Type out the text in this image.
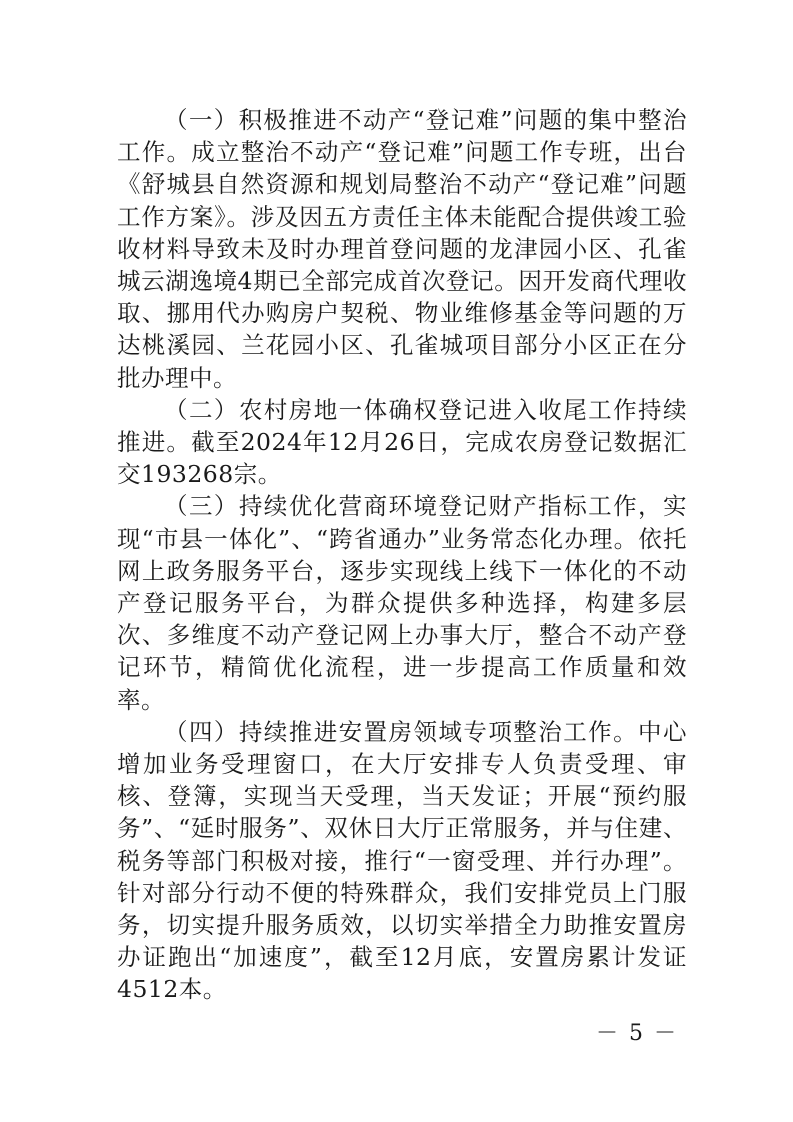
（一）积极推进不动产“登记难”问题的集中整治工作。成立整治不动产“登记难”问题工作专班，出台《舒城县自然资源和规划局整治不动产“登记难”问题工作方案》。涉及因五方责任主体未能配合提供竣工验收材料导致未及时办理首登问题的龙津园小区、孔雀城云湖逸境4期已全部完成首次登记。因开发商代理收取、挪用代办购房户契税、物业维修基金等问题的万达桃溪园、兰花园小区、孔雀城项目部分小区正在分批办理中。

（二）农村房地一体确权登记进入收尾工作持续推进。截至2024年12月26日，完成农房登记数据汇交193268宗。

（三）持续优化营商环境登记财产指标工作，实现“市县一体化”、“跨省通办”业务常态化办理。依托网上政务服务平台，逐步实现线上线下一体化的不动产登记服务平台，为群众提供多种选择，构建多层次、多维度不动产登记网上办事大厅，整合不动产登记环节，精简优化流程，进一步提高工作质量和效率。

（四）持续推进安置房领域专项整治工作。中心增加业务受理窗口，在大厅安排专人负责受理、审核、登簿，实现当天受理，当天发证；开展“预约服务”、“延时服务”、双休日大厅正常服务，并与住建、税务等部门积极对接，推行“一窗受理、并行办理”。针对部分行动不便的特殊群众，我们安排党员上门服务，切实提升服务质效，以切实举措全力助推安置房办证跑出“加速度”，截至12月底，安置房累计发证4512本。

－ 5 －
